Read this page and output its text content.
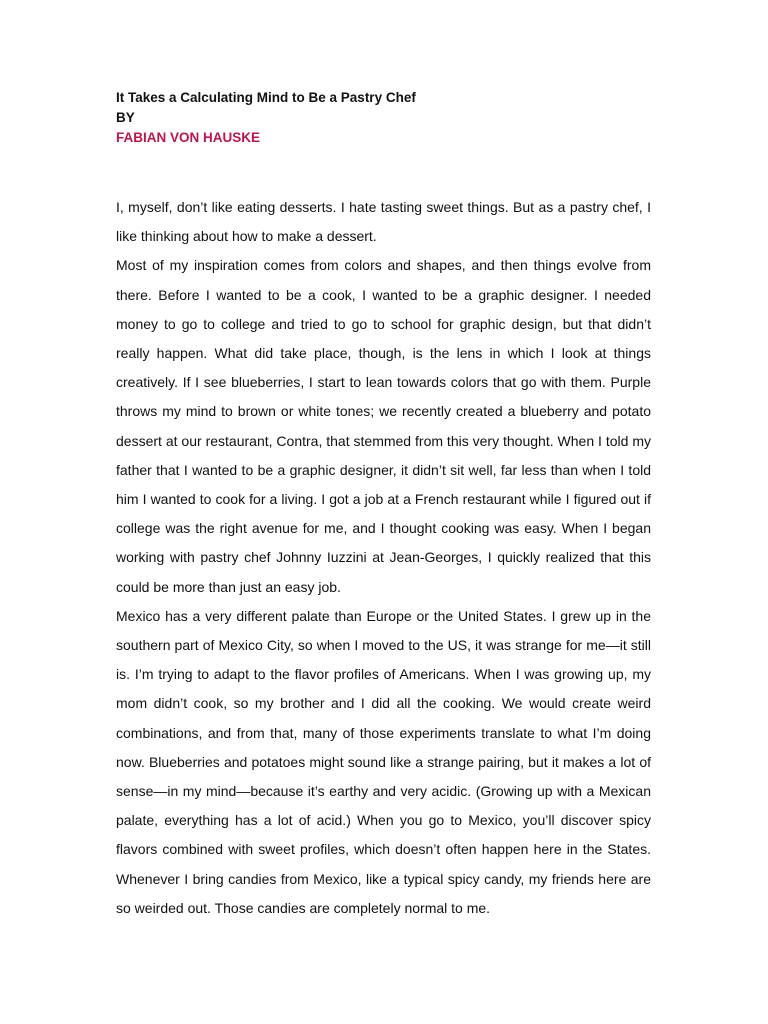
It Takes a Calculating Mind to Be a Pastry Chef
BY
FABIAN VON HAUSKE

I, myself, don’t like eating desserts. I hate tasting sweet things. But as a pastry chef, I like thinking about how to make a dessert.

Most of my inspiration comes from colors and shapes, and then things evolve from there. Before I wanted to be a cook, I wanted to be a graphic designer. I needed money to go to college and tried to go to school for graphic design, but that didn’t really happen. What did take place, though, is the lens in which I look at things creatively. If I see blueberries, I start to lean towards colors that go with them. Purple throws my mind to brown or white tones; we recently created a blueberry and potato dessert at our restaurant, Contra, that stemmed from this very thought. When I told my father that I wanted to be a graphic designer, it didn’t sit well, far less than when I told him I wanted to cook for a living. I got a job at a French restaurant while I figured out if college was the right avenue for me, and I thought cooking was easy. When I began working with pastry chef Johnny Iuzzini at Jean-Georges, I quickly realized that this could be more than just an easy job.

Mexico has a very different palate than Europe or the United States. I grew up in the southern part of Mexico City, so when I moved to the US, it was strange for me—it still is. I’m trying to adapt to the flavor profiles of Americans. When I was growing up, my mom didn’t cook, so my brother and I did all the cooking. We would create weird combinations, and from that, many of those experiments translate to what I’m doing now. Blueberries and potatoes might sound like a strange pairing, but it makes a lot of sense—in my mind—because it’s earthy and very acidic. (Growing up with a Mexican palate, everything has a lot of acid.) When you go to Mexico, you’ll discover spicy flavors combined with sweet profiles, which doesn’t often happen here in the States. Whenever I bring candies from Mexico, like a typical spicy candy, my friends here are so weirded out. Those candies are completely normal to me.
